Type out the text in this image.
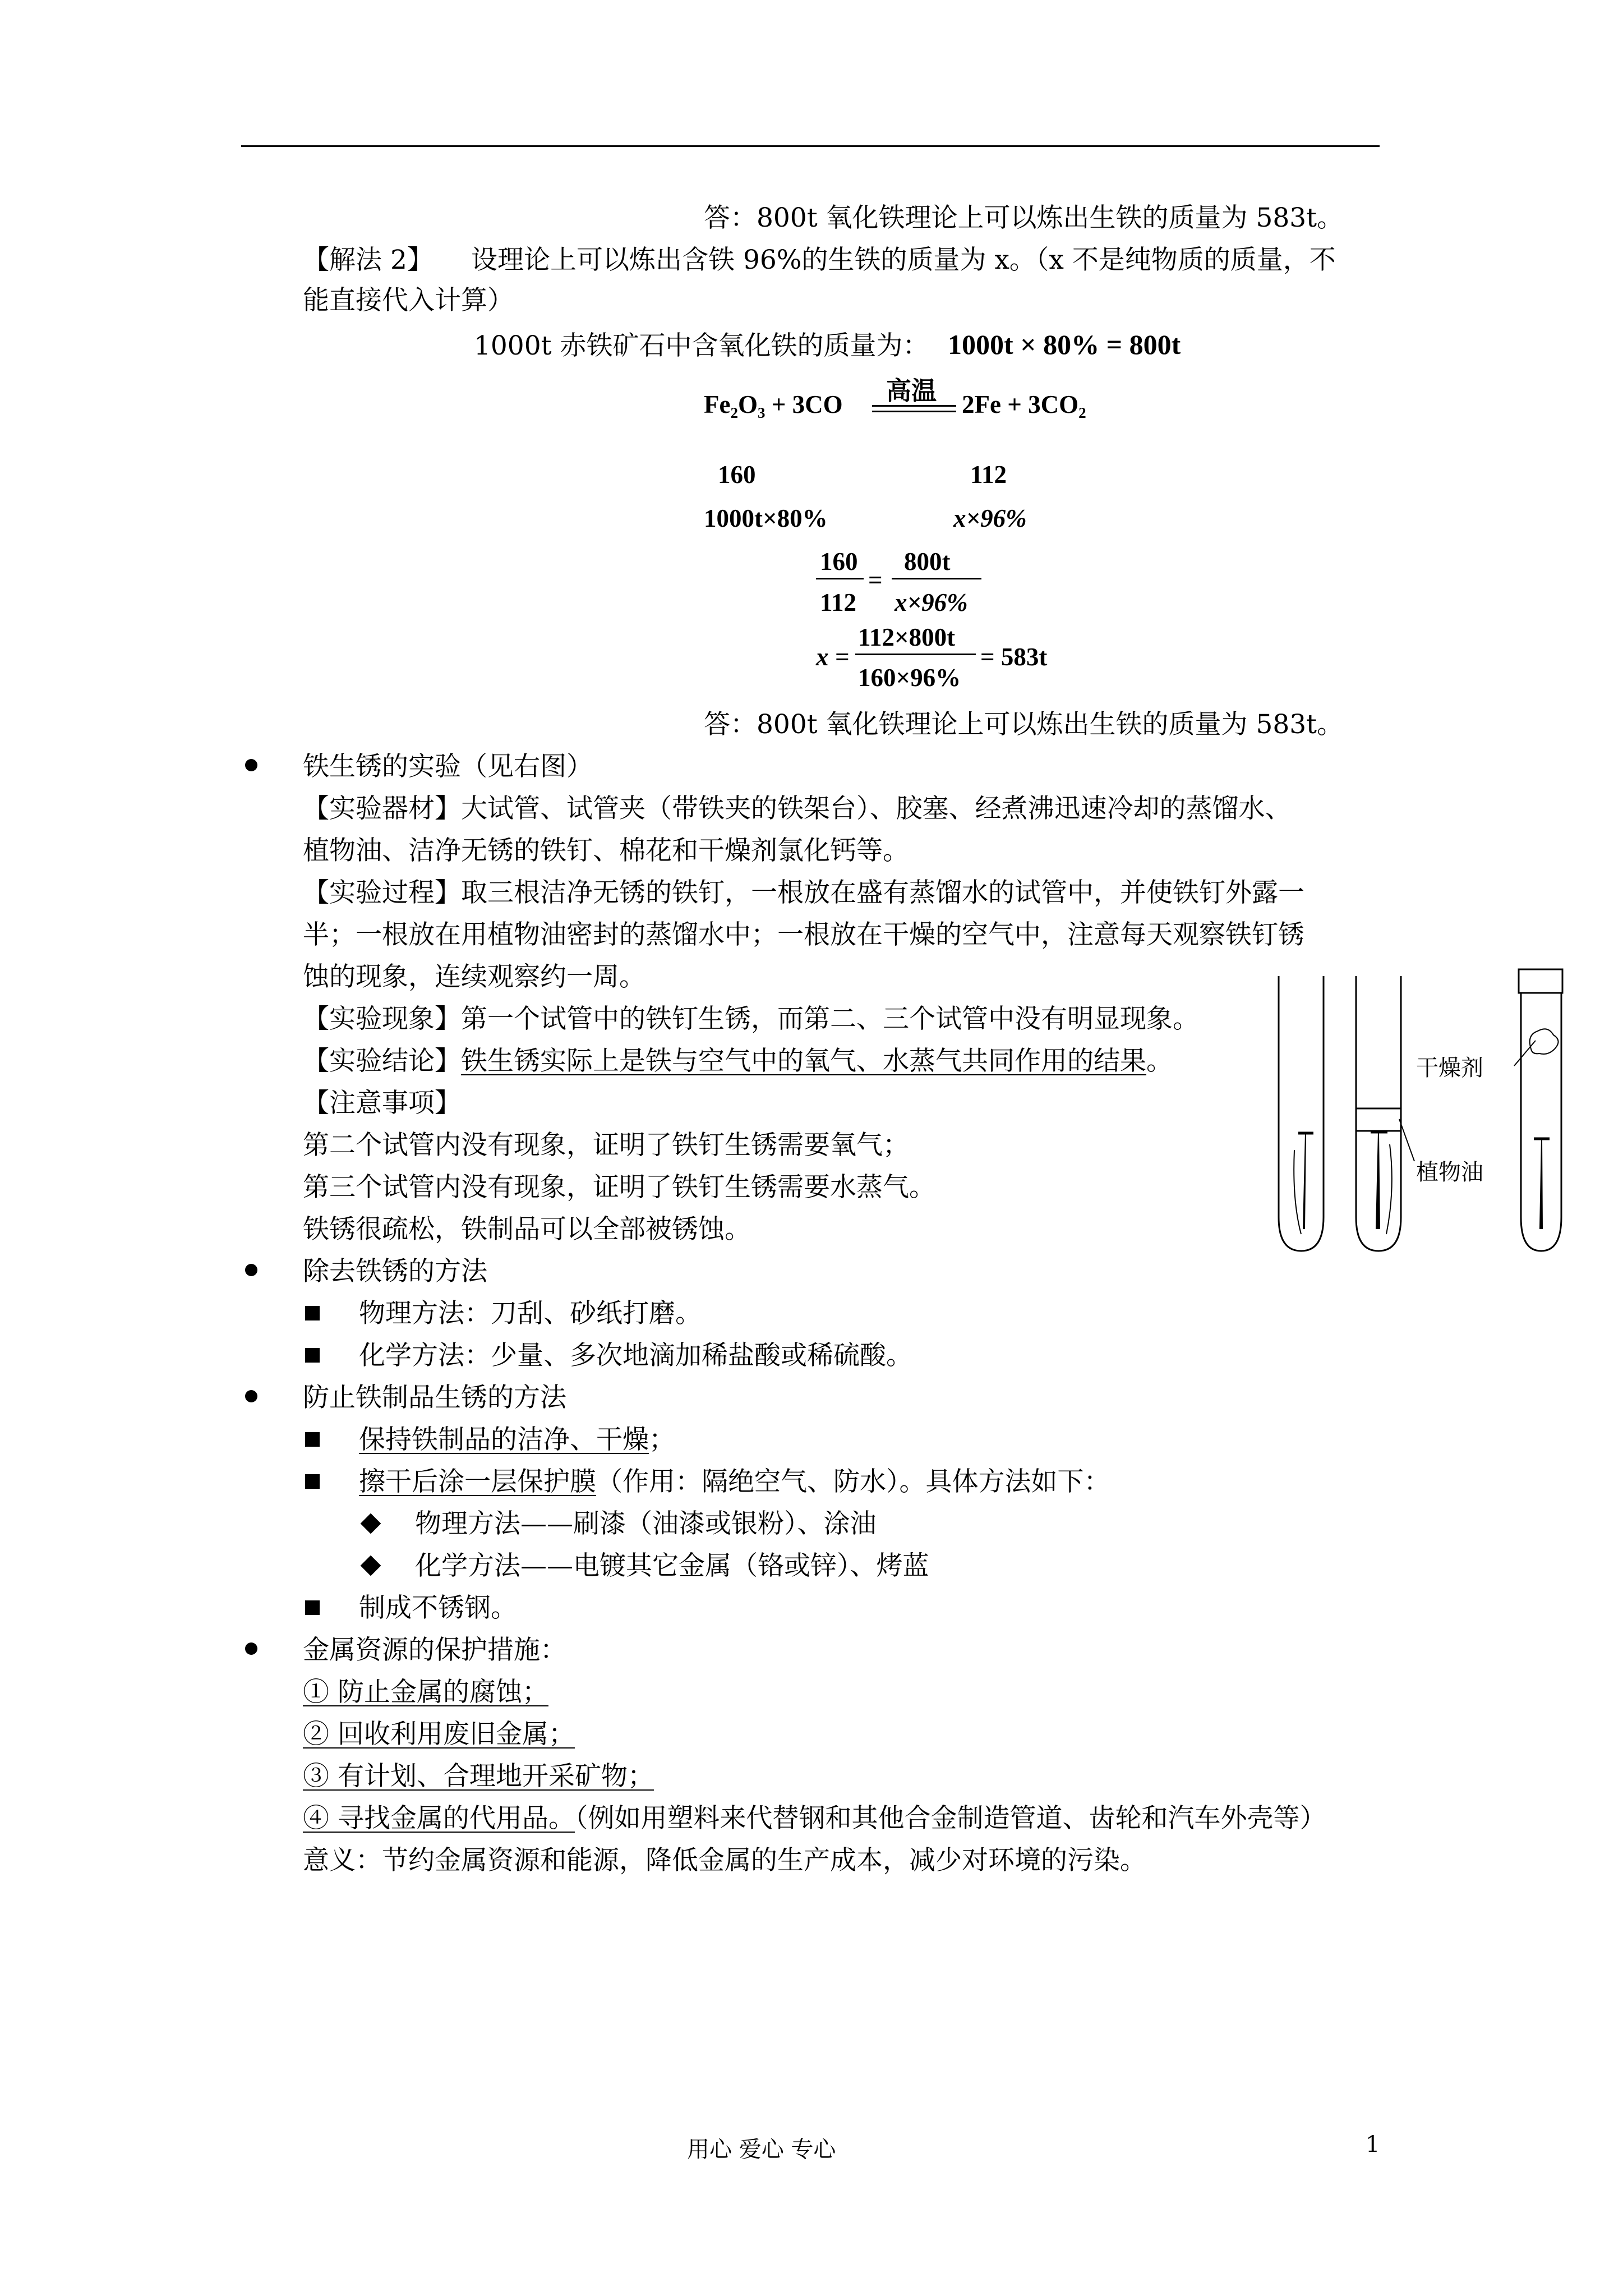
答：800t 氧化铁理论上可以炼出生铁的质量为 583t。
【解法 2】 设理论上可以炼出含铁 96%的生铁的质量为 x。（x 不是纯物质的质量，不
能直接代入计算）
1000t 赤铁矿石中含氧化铁的质量为： 1000t × 80% = 800t
Fe₂O₃ + 3CO 高温 2Fe + 3CO₂
160	112
1000t×80%	x×96%
160
112
=
800t
x×96%
x =
112×800t
160×96%
= 583t
答：800t 氧化铁理论上可以炼出生铁的质量为 583t。
铁生锈的实验（见右图）
【实验器材】大试管、试管夹（带铁夹的铁架台）、胶塞、经煮沸迅速冷却的蒸馏水、
植物油、洁净无锈的铁钉、棉花和干燥剂氯化钙等。
【实验过程】取三根洁净无锈的铁钉，一根放在盛有蒸馏水的试管中，并使铁钉外露一
半；一根放在用植物油密封的蒸馏水中；一根放在干燥的空气中，注意每天观察铁钉锈
蚀的现象，连续观察约一周。
【实验现象】第一个试管中的铁钉生锈，而第二、三个试管中没有明显现象。
【实验结论】铁生锈实际上是铁与空气中的氧气、水蒸气共同作用的结果。
【注意事项】
第二个试管内没有现象，证明了铁钉生锈需要氧气；
第三个试管内没有现象，证明了铁钉生锈需要水蒸气。
铁锈很疏松，铁制品可以全部被锈蚀。
干燥剂
植物油
除去铁锈的方法
物理方法：刀刮、砂纸打磨。
化学方法：少量、多次地滴加稀盐酸或稀硫酸。
防止铁制品生锈的方法
保持铁制品的洁净、干燥；
擦干后涂一层保护膜（作用：隔绝空气、防水）。具体方法如下：
物理方法——刷漆（油漆或银粉）、涂油
化学方法——电镀其它金属（铬或锌）、烤蓝
制成不锈钢。
金属资源的保护措施：
① 防止金属的腐蚀；
② 回收利用废旧金属；
③ 有计划、合理地开采矿物；
④ 寻找金属的代用品。（例如用塑料来代替钢和其他合金制造管道、齿轮和汽车外壳等）
意义：节约金属资源和能源，降低金属的生产成本，减少对环境的污染。
用心 爱心 专心	1
